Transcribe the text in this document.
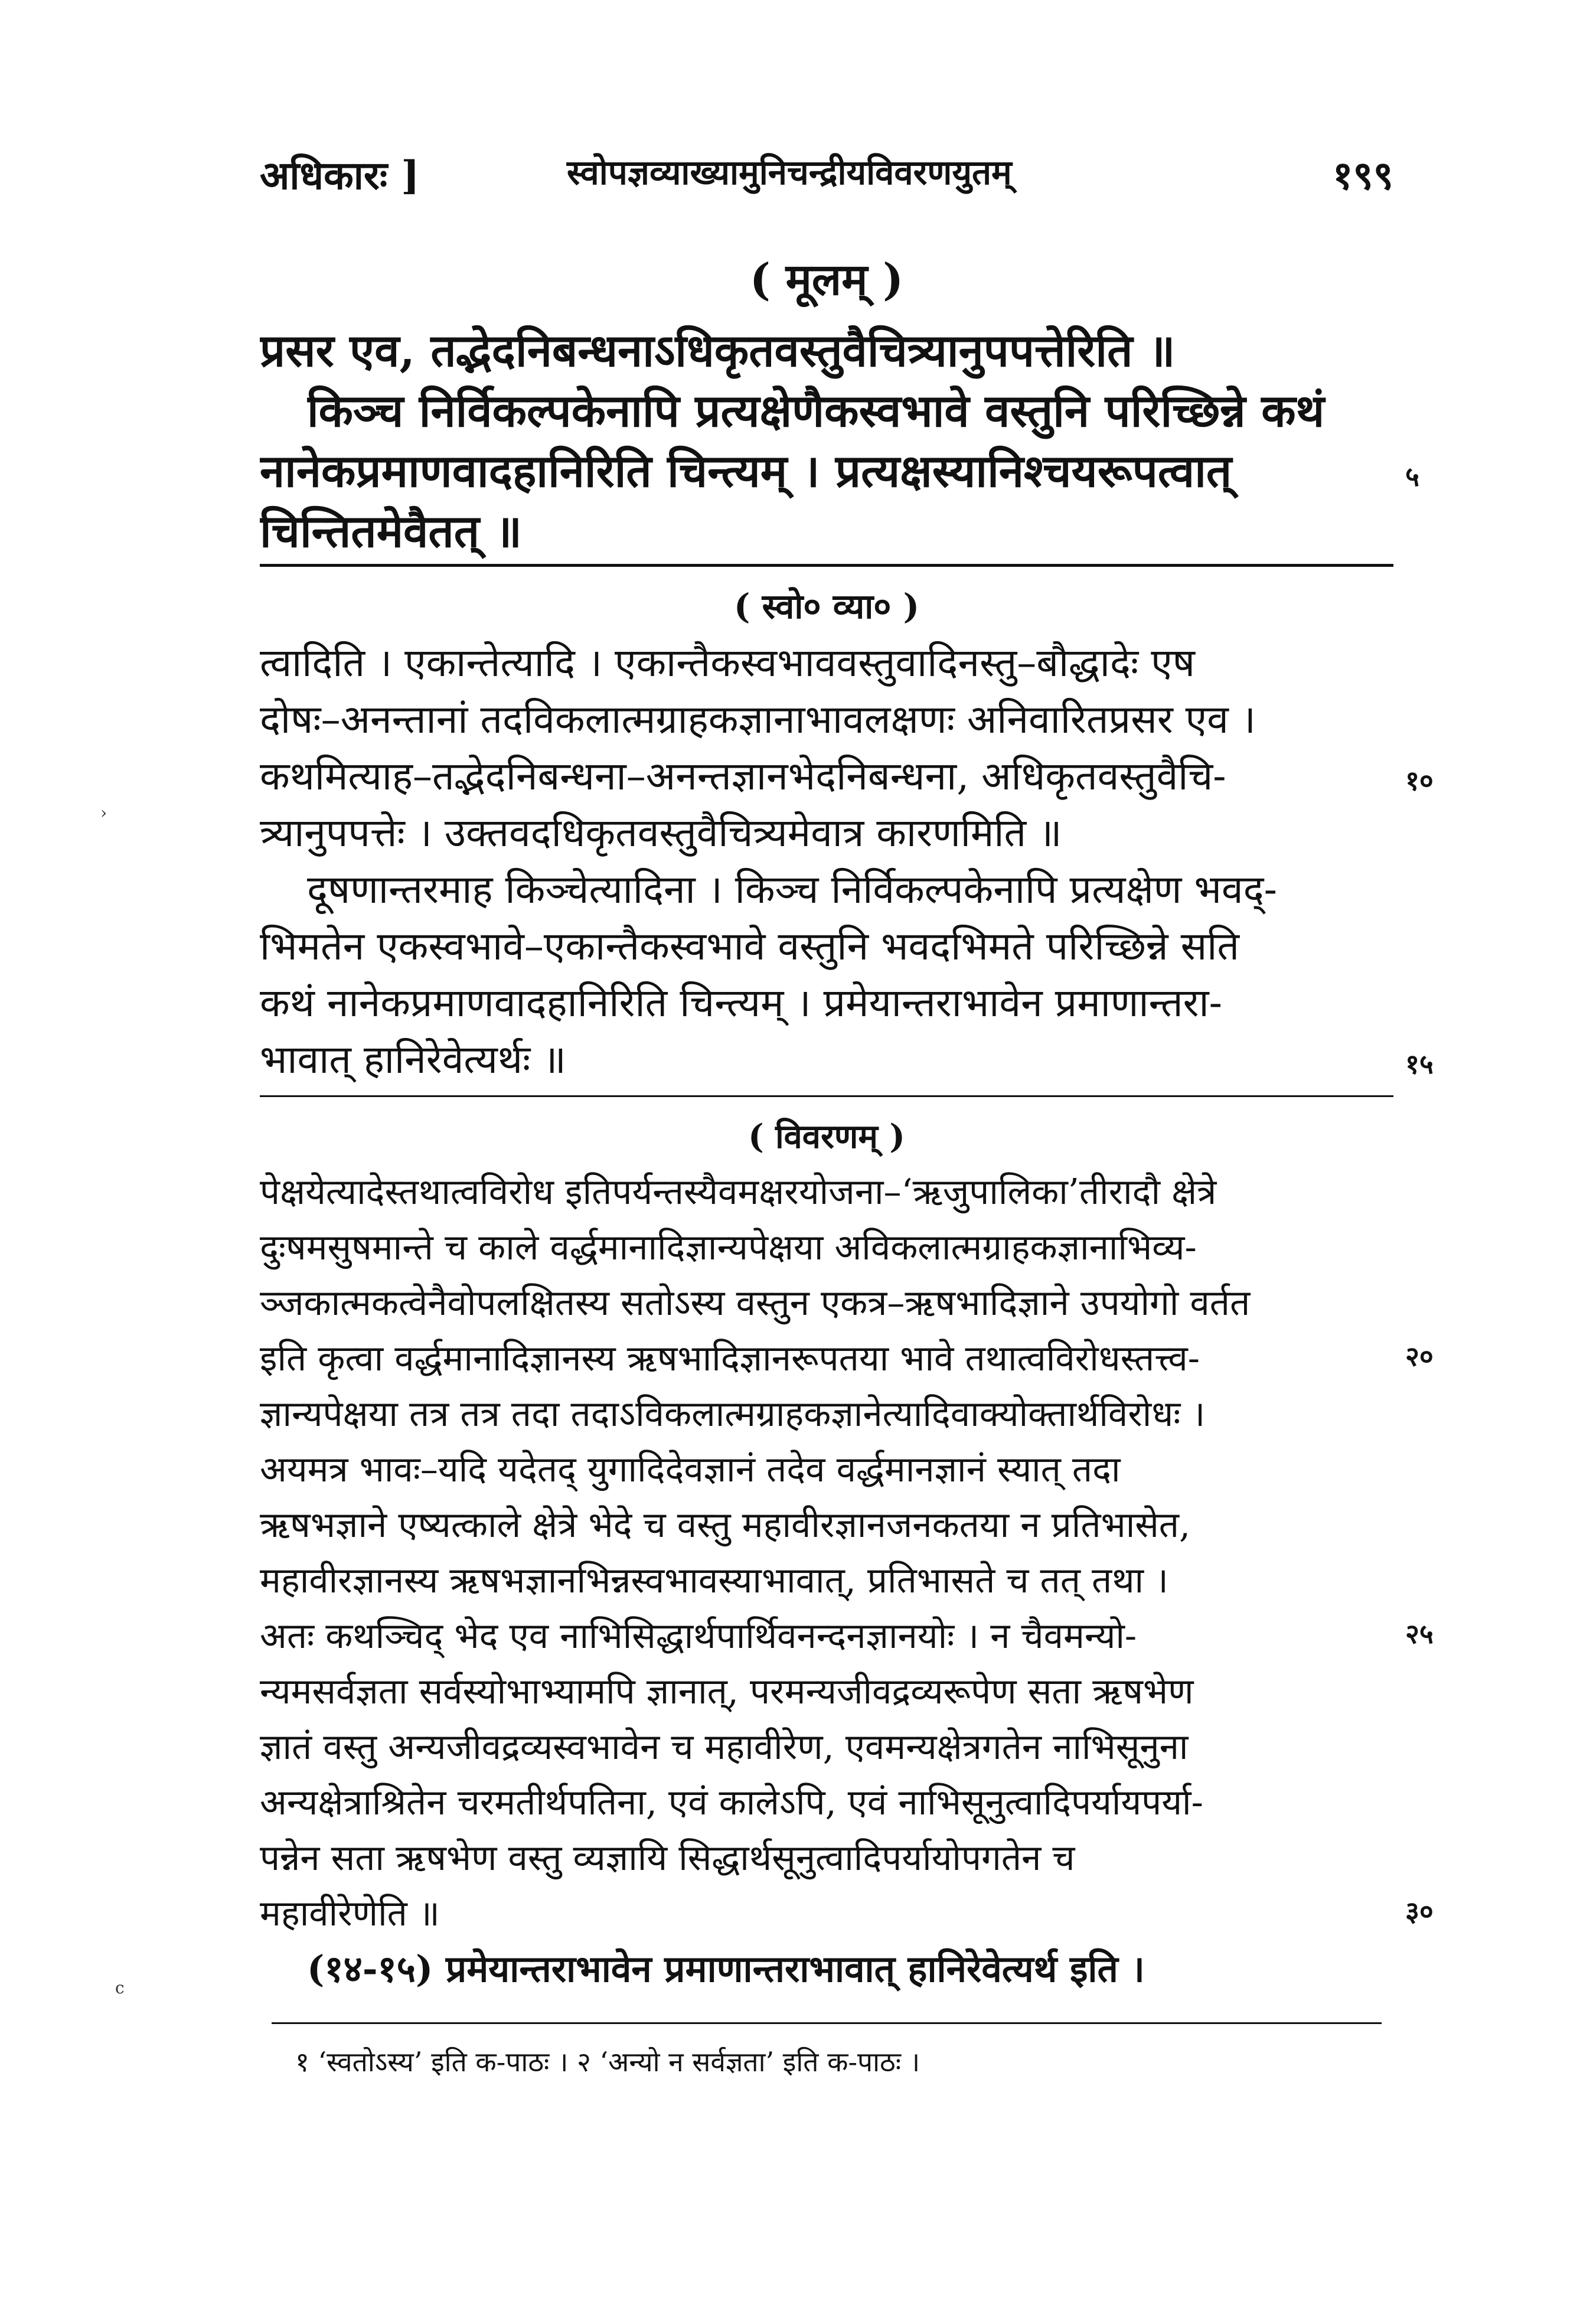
अधिकारः ]	स्वोपज्ञव्याख्यामुनिचन्द्रीयविवरणयुतम्	१९९
( मूलम् )
प्रसर एव, तद्भेदनिबन्धनाऽधिकृतवस्तुवैचित्र्यानुपपत्तेरिति ॥
किञ्च निर्विकल्पकेनापि प्रत्यक्षेणैकस्वभावे वस्तुनि परिच्छिन्ने कथं
नानेकप्रमाणवादहानिरिति चिन्त्यम् । प्रत्यक्षस्यानिश्चयरूपत्वात्
चिन्तितमेवैतत् ॥
५
( स्वो० व्या० )
त्वादिति । एकान्तेत्यादि । एकान्तैकस्वभाववस्तुवादिनस्तु–बौद्धादेः एष
दोषः–अनन्तानां तदविकलात्मग्राहकज्ञानाभावलक्षणः अनिवारितप्रसर एव ।
कथमित्याह–तद्भेदनिबन्धना–अनन्तज्ञानभेदनिबन्धना, अधिकृतवस्तुवैचि-
त्र्यानुपपत्तेः । उक्तवदधिकृतवस्तुवैचित्र्यमेवात्र कारणमिति ॥
दूषणान्तरमाह किञ्चेत्यादिना । किञ्च निर्विकल्पकेनापि प्रत्यक्षेण भवद्-
भिमतेन एकस्वभावे–एकान्तैकस्वभावे वस्तुनि भवदभिमते परिच्छिन्ने सति
कथं नानेकप्रमाणवादहानिरिति चिन्त्यम् । प्रमेयान्तराभावेन प्रमाणान्तरा-
भावात् हानिरेवेत्यर्थः ॥
१०
१५
( विवरणम् )
पेक्षयेत्यादेस्तथात्वविरोध इतिपर्यन्तस्यैवमक्षरयोजना–‘ऋजुपालिका’तीरादौ क्षेत्रे
दुःषमसुषमान्ते च काले वर्द्धमानादिज्ञान्यपेक्षया अविकलात्मग्राहकज्ञानाभिव्य-
ञ्जकात्मकत्वेनैवोपलक्षितस्य सतोऽस्य वस्तुन एकत्र–ऋषभादिज्ञाने उपयोगो वर्तत
इति कृत्वा वर्द्धमानादिज्ञानस्य ऋषभादिज्ञानरूपतया भावे तथात्वविरोधस्तत्त्व-
ज्ञान्यपेक्षया तत्र तत्र तदा तदाऽविकलात्मग्राहकज्ञानेत्यादिवाक्योक्तार्थविरोधः ।
अयमत्र भावः–यदि यदेतद् युगादिदेवज्ञानं तदेव वर्द्धमानज्ञानं स्यात् तदा
ऋषभज्ञाने एष्यत्काले क्षेत्रे भेदे च वस्तु महावीरज्ञानजनकतया न प्रतिभासेत,
महावीरज्ञानस्य ऋषभज्ञानभिन्नस्वभावस्याभावात्, प्रतिभासते च तत् तथा ।
अतः कथञ्चिद् भेद एव नाभिसिद्धार्थपार्थिवनन्दनज्ञानयोः । न चैवमन्यो-
न्यमसर्वज्ञता सर्वस्योभाभ्यामपि ज्ञानात्, परमन्यजीवद्रव्यरूपेण सता ऋषभेण
ज्ञातं वस्तु अन्यजीवद्रव्यस्वभावेन च महावीरेण, एवमन्यक्षेत्रगतेन नाभिसूनुना
अन्यक्षेत्राश्रितेन चरमतीर्थपतिना, एवं कालेऽपि, एवं नाभिसूनुत्वादिपर्यायपर्या-
पन्नेन सता ऋषभेण वस्तु व्यज्ञायि सिद्धार्थसूनुत्वादिपर्यायोपगतेन च
महावीरेणेति ॥
(१४-१५) प्रमेयान्तराभावेन प्रमाणान्तराभावात् हानिरेवेत्यर्थ इति ।
२०
२५
३०
१ ‘स्वतोऽस्य’ इति क-पाठः । २ ‘अन्यो न सर्वज्ञता’ इति क-पाठः ।
›
c
